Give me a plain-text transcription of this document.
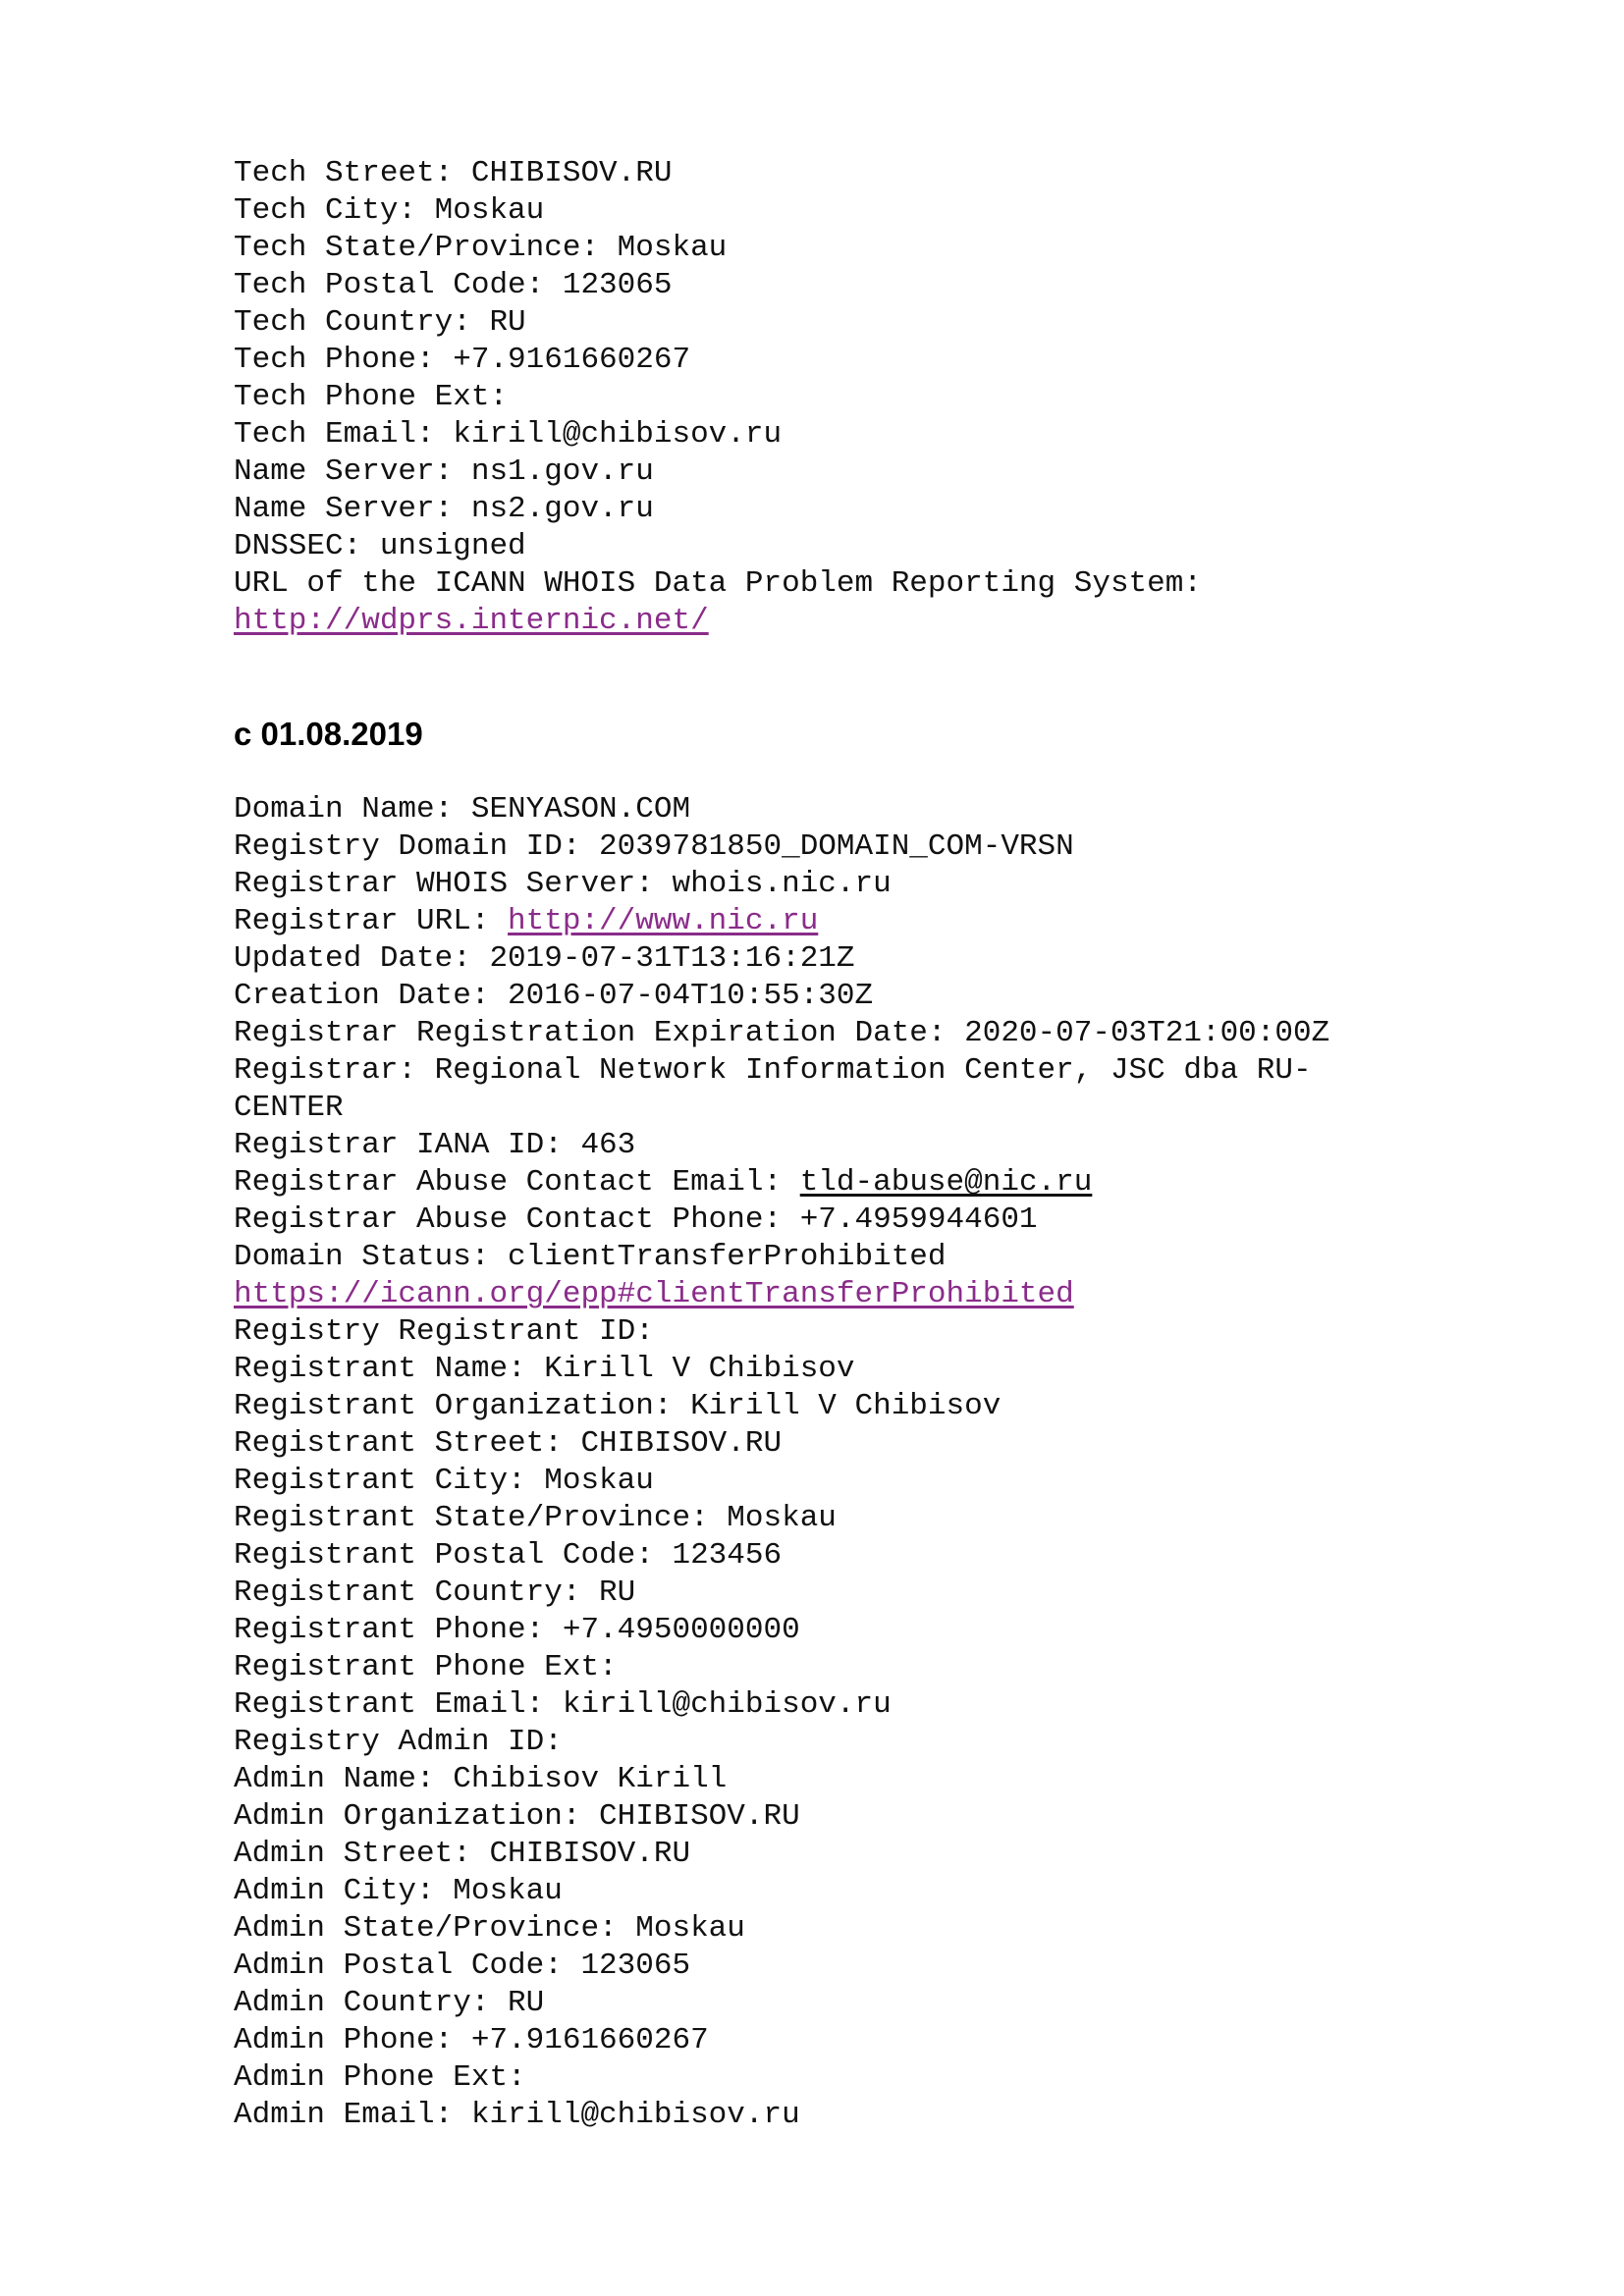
Tech Street: CHIBISOV.RU
Tech City: Moskau
Tech State/Province: Moskau
Tech Postal Code: 123065
Tech Country: RU
Tech Phone: +7.9161660267
Tech Phone Ext:
Tech Email: kirill@chibisov.ru
Name Server: ns1.gov.ru
Name Server: ns2.gov.ru
DNSSEC: unsigned
URL of the ICANN WHOIS Data Problem Reporting System:
http://wdprs.internic.net/
с 01.08.2019
Domain Name: SENYASON.COM
Registry Domain ID: 2039781850_DOMAIN_COM-VRSN
Registrar WHOIS Server: whois.nic.ru
Registrar URL: http://www.nic.ru
Updated Date: 2019-07-31T13:16:21Z
Creation Date: 2016-07-04T10:55:30Z
Registrar Registration Expiration Date: 2020-07-03T21:00:00Z
Registrar: Regional Network Information Center, JSC dba RU-
CENTER
Registrar IANA ID: 463
Registrar Abuse Contact Email: tld-abuse@nic.ru
Registrar Abuse Contact Phone: +7.4959944601
Domain Status: clientTransferProhibited
https://icann.org/epp#clientTransferProhibited
Registry Registrant ID:
Registrant Name: Kirill V Chibisov
Registrant Organization: Kirill V Chibisov
Registrant Street: CHIBISOV.RU
Registrant City: Moskau
Registrant State/Province: Moskau
Registrant Postal Code: 123456
Registrant Country: RU
Registrant Phone: +7.4950000000
Registrant Phone Ext:
Registrant Email: kirill@chibisov.ru
Registry Admin ID:
Admin Name: Chibisov Kirill
Admin Organization: CHIBISOV.RU
Admin Street: CHIBISOV.RU
Admin City: Moskau
Admin State/Province: Moskau
Admin Postal Code: 123065
Admin Country: RU
Admin Phone: +7.9161660267
Admin Phone Ext:
Admin Email: kirill@chibisov.ru
